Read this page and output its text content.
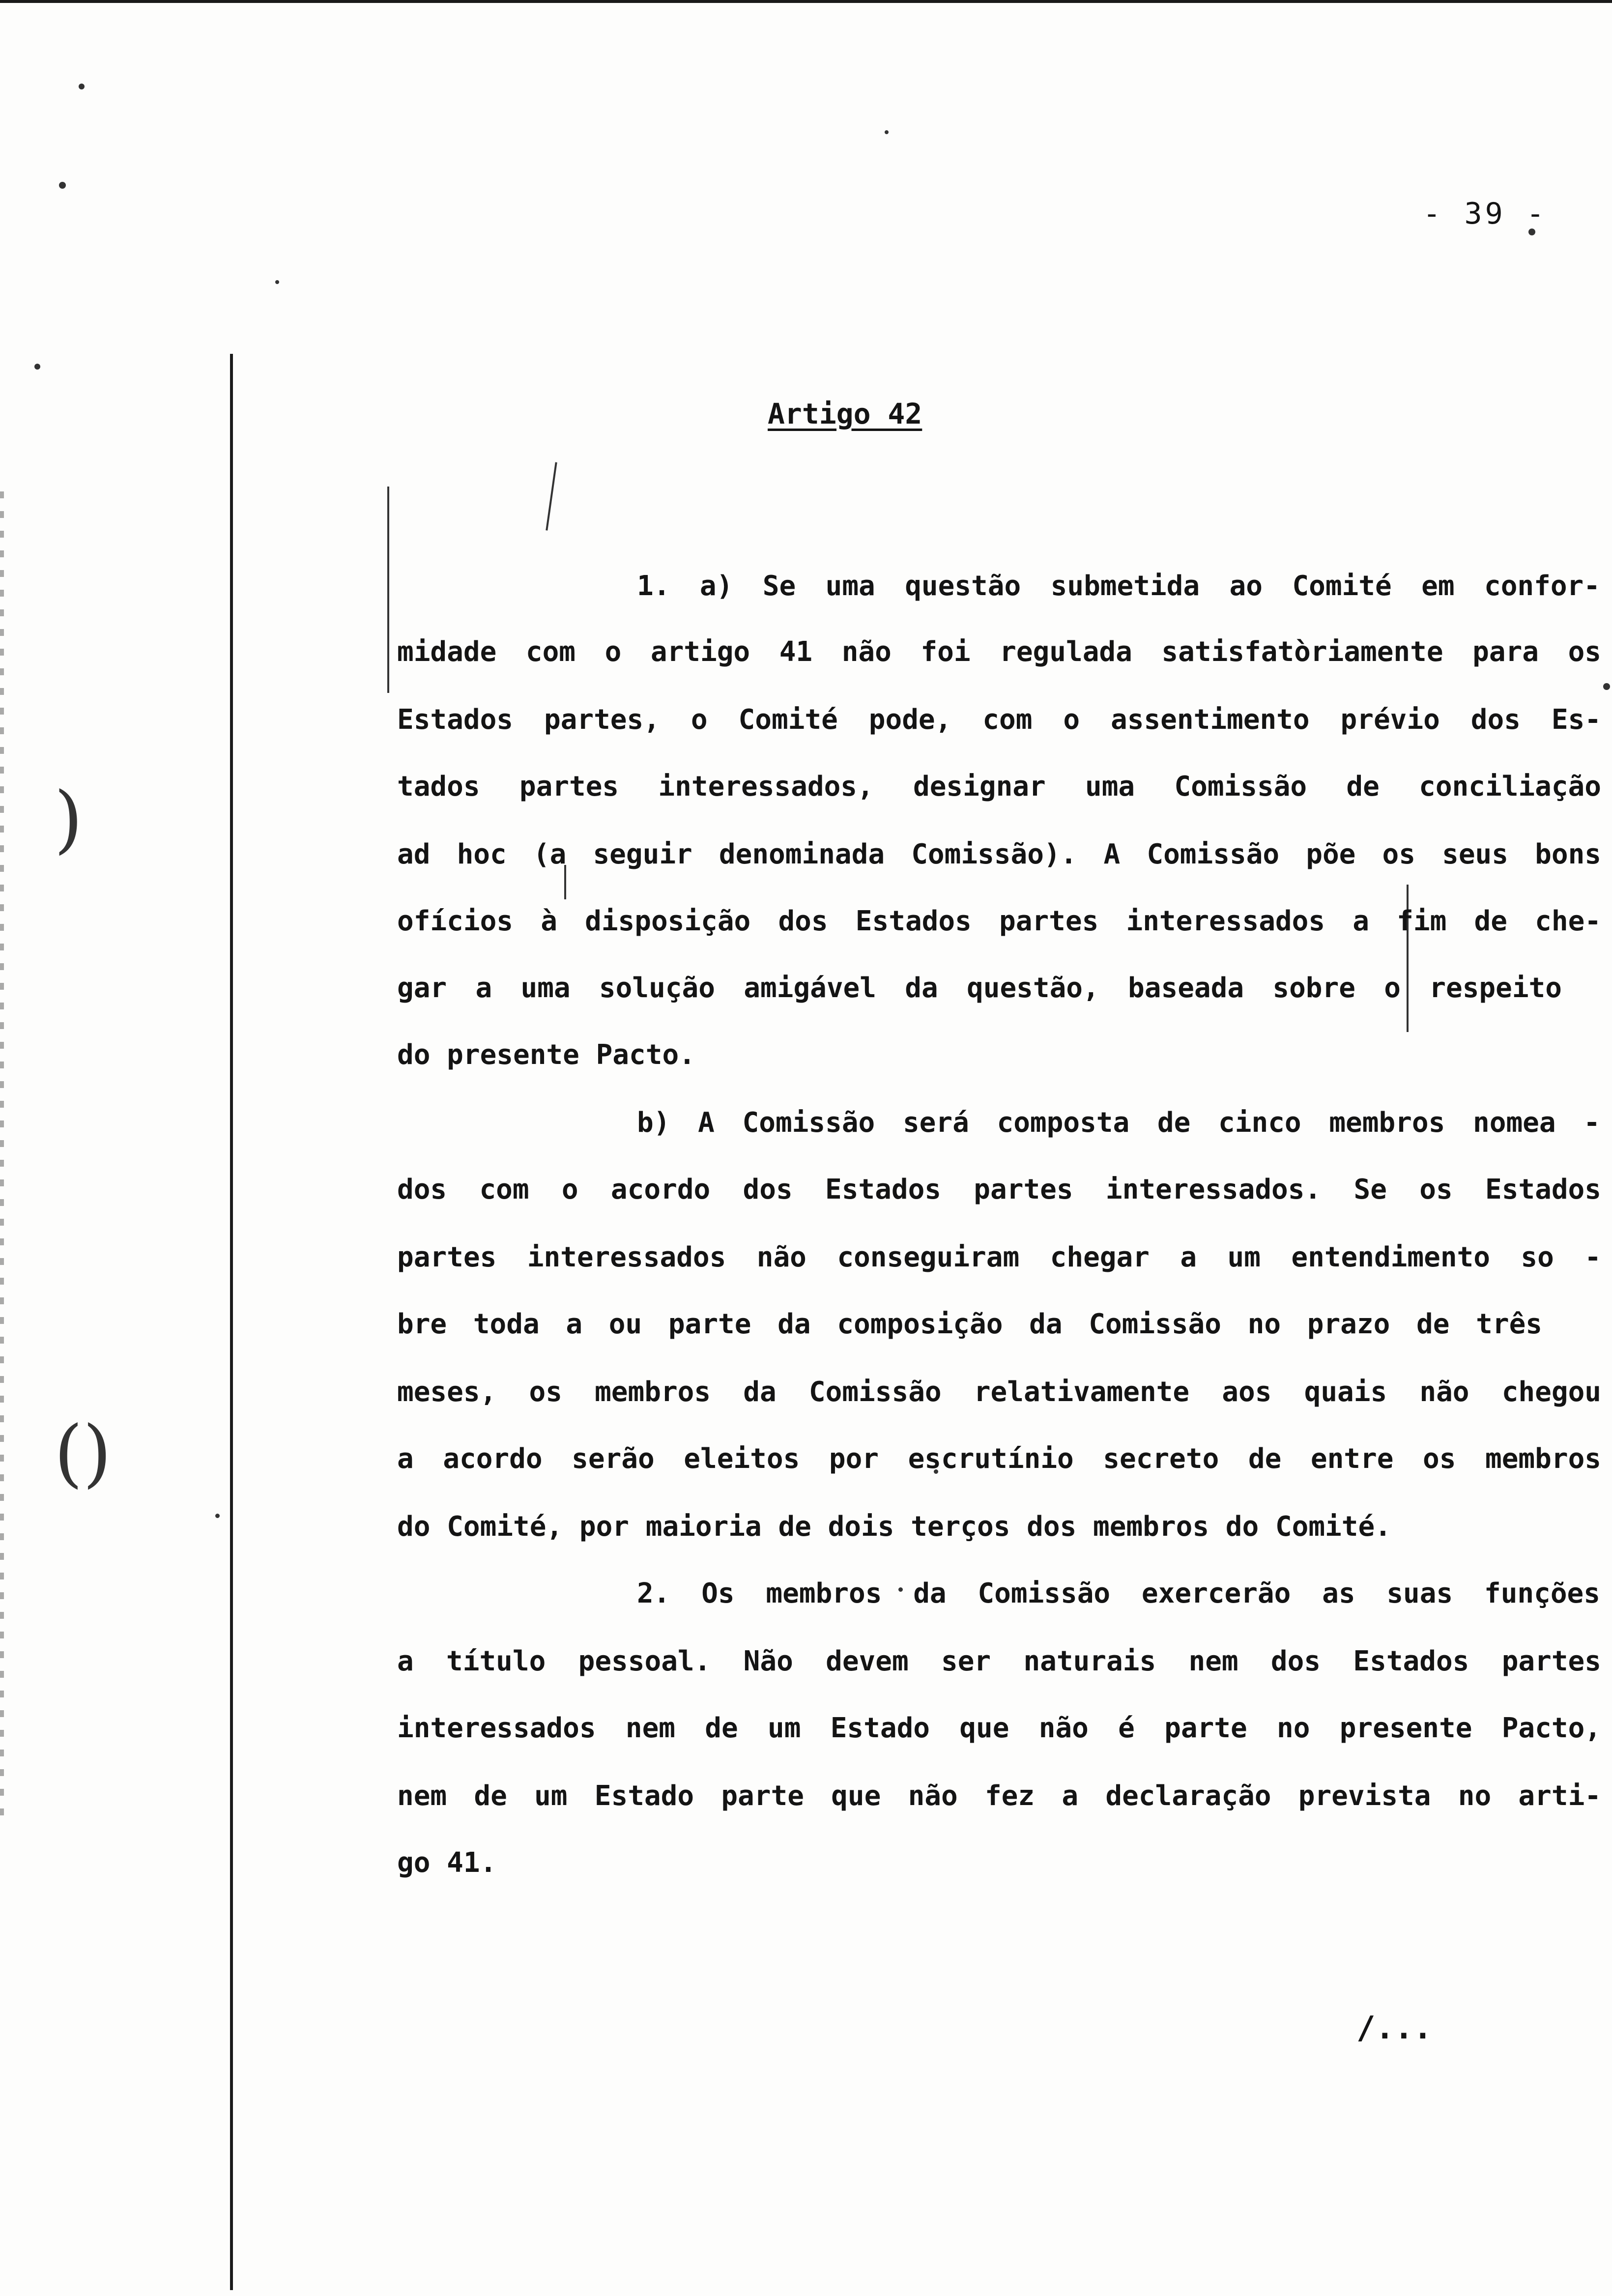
)
()
- 39 -
Artigo 42
1. a) Se uma questão submetida ao Comité em confor-
midade com o artigo 41 não foi regulada satisfatòriamente para os
Estados partes, o Comité pode, com o assentimento prévio dos Es-
tados partes interessados, designar uma Comissão de conciliação
ad hoc (a seguir denominada Comissão). A Comissão põe os seus bons
ofícios à disposição dos Estados partes interessados a fim de che-
gar a uma solução amigável da questão, baseada sobre o respeito
do presente Pacto.
b) A Comissão será composta de cinco membros nomea -
dos com o acordo dos Estados partes interessados. Se os Estados
partes interessados não conseguiram chegar a um entendimento so -
bre toda a ou parte da composição da Comissão no prazo de três
meses, os membros da Comissão relativamente aos quais não chegou
a acordo serão eleitos por escrutínio secreto de entre os membros
do Comité, por maioria de dois terços dos membros do Comité.
2. Os membros da Comissão exercerão as suas funções
a título pessoal. Não devem ser naturais nem dos Estados partes
interessados nem de um Estado que não é parte no presente Pacto,
nem de um Estado parte que não fez a declaração prevista no arti-
go 41.
/...
